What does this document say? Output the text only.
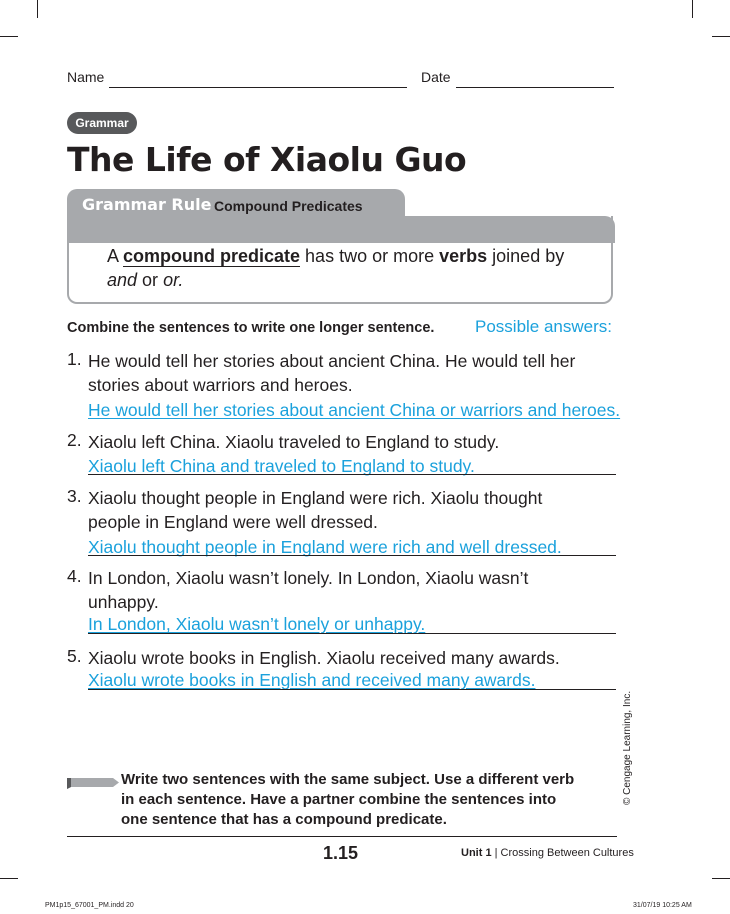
Name	Date
Grammar
The Life of Xiaolu Guo
Grammar Rule Compound Predicates
A compound predicate has two or more verbs joined by
and or or.
Combine the sentences to write one longer sentence. Possible answers:
1. He would tell her stories about ancient China. He would tell her
stories about warriors and heroes.
He would tell her stories about ancient China or warriors and heroes.
2. Xiaolu left China. Xiaolu traveled to England to study.
Xiaolu left China and traveled to England to study.
3. Xiaolu thought people in England were rich. Xiaolu thought
people in England were well dressed.
Xiaolu thought people in England were rich and well dressed.
4. In London, Xiaolu wasn’t lonely. In London, Xiaolu wasn’t
unhappy.
In London, Xiaolu wasn’t lonely or unhappy.
5. Xiaolu wrote books in English. Xiaolu received many awards.
Xiaolu wrote books in English and received many awards.
© Cengage Learning, Inc.
Write two sentences with the same subject. Use a different verb
in each sentence. Have a partner combine the sentences into
one sentence that has a compound predicate.
1.15	Unit 1 | Crossing Between Cultures
PM1p15_67001_PM.indd 20	31/07/19 10:25 AM
